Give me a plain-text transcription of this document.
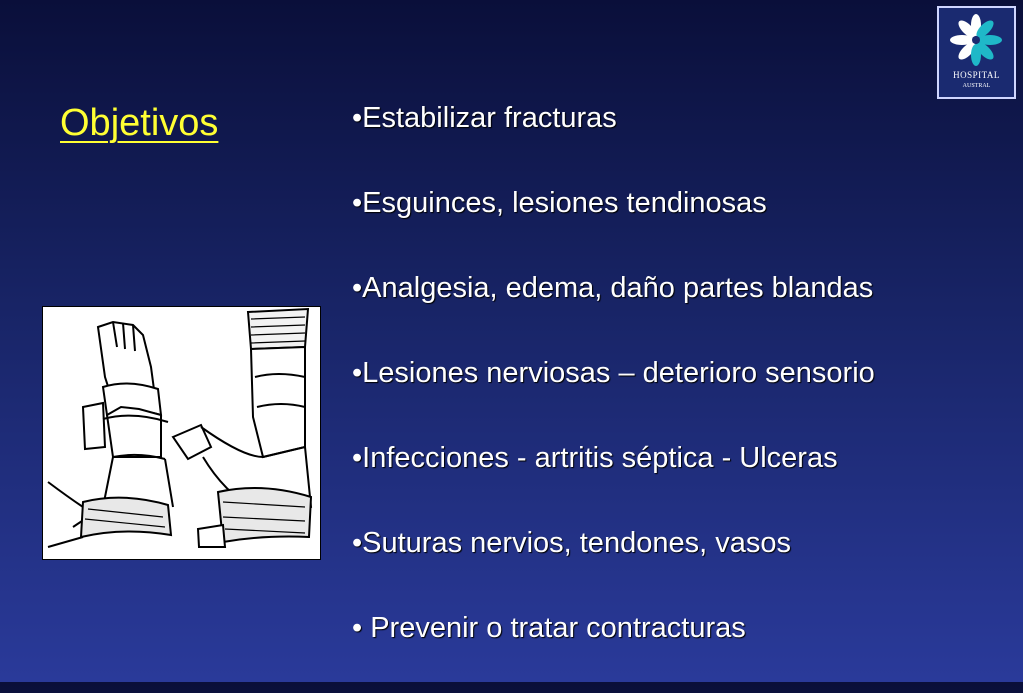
Objetivos	•Estabilizar fracturas
•Esguinces, lesiones tendinosas
•Analgesia, edema, daño partes blandas
•Lesiones nerviosas – deterioro sensorio
•Infecciones - artritis séptica - Ulceras
•Suturas nervios, tendones, vasos
• Prevenir o tratar contracturas
HOSPITAL
AUSTRAL
